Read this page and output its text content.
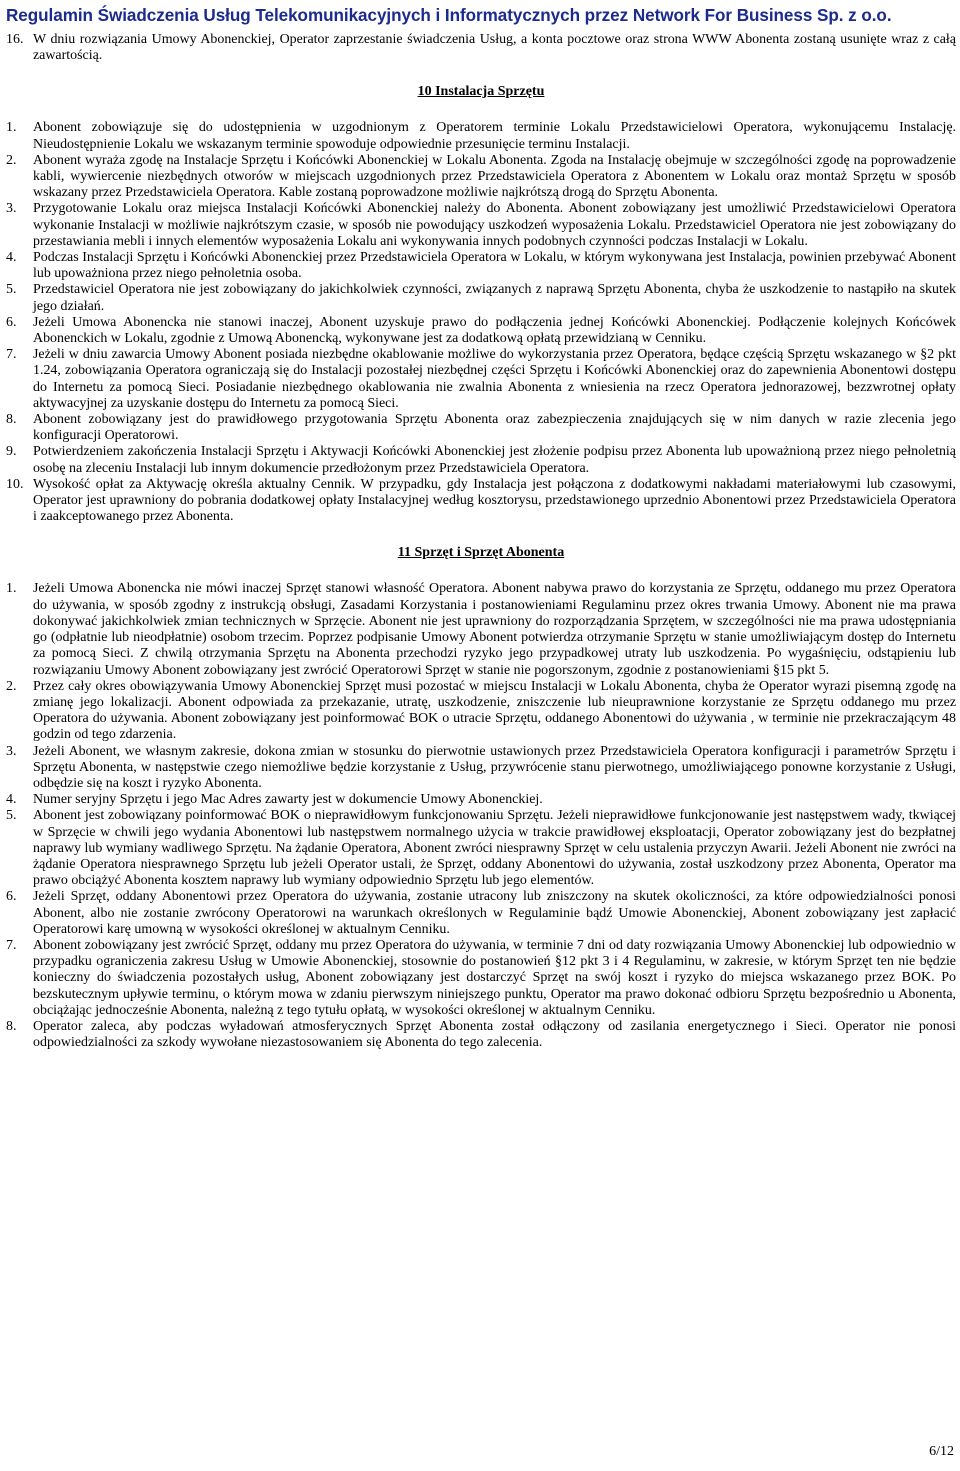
Regulamin Świadczenia Usług Telekomunikacyjnych i Informatycznych przez Network For Business Sp. z o.o.
16. W dniu rozwiązania Umowy Abonenckiej, Operator zaprzestanie świadczenia Usług, a konta pocztowe oraz strona WWW Abonenta zostaną usunięte wraz z całą zawartością.
10 Instalacja Sprzętu
1. Abonent zobowiązuje się do udostępnienia w uzgodnionym z Operatorem terminie Lokalu Przedstawicielowi Operatora, wykonującemu Instalację. Nieudostępnienie Lokalu we wskazanym terminie spowoduje odpowiednie przesunięcie terminu Instalacji.
2. Abonent wyraża zgodę na Instalacje Sprzętu i Końcówki Abonenckiej w Lokalu Abonenta. Zgoda na Instalację obejmuje w szczególności zgodę na poprowadzenie kabli, wywiercenie niezbędnych otworów w miejscach uzgodnionych przez Przedstawiciela Operatora z Abonentem w Lokalu oraz montaż Sprzętu w sposób wskazany przez Przedstawiciela Operatora. Kable zostaną poprowadzone możliwie najkrótszą drogą do Sprzętu Abonenta.
3. Przygotowanie Lokalu oraz miejsca Instalacji Końcówki Abonenckiej należy do Abonenta. Abonent zobowiązany jest umożliwić Przedstawicielowi Operatora wykonanie Instalacji w możliwie najkrótszym czasie, w sposób nie powodujący uszkodzeń wyposażenia Lokalu. Przedstawiciel Operatora nie jest zobowiązany do przestawiania mebli i innych elementów wyposażenia Lokalu ani wykonywania innych podobnych czynności podczas Instalacji w Lokalu.
4. Podczas Instalacji Sprzętu i Końcówki Abonenckiej przez Przedstawiciela Operatora w Lokalu, w którym wykonywana jest Instalacja, powinien przebywać Abonent lub upoważniona przez niego pełnoletnia osoba.
5. Przedstawiciel Operatora nie jest zobowiązany do jakichkolwiek czynności, związanych z naprawą Sprzętu Abonenta, chyba że uszkodzenie to nastąpiło na skutek jego działań.
6. Jeżeli Umowa Abonencka nie stanowi inaczej, Abonent uzyskuje prawo do podłączenia jednej Końcówki Abonenckiej. Podłączenie kolejnych Końcówek Abonenckich w Lokalu, zgodnie z Umową Abonencką, wykonywane jest za dodatkową opłatą przewidzianą w Cenniku.
7. Jeżeli w dniu zawarcia Umowy Abonent posiada niezbędne okablowanie możliwe do wykorzystania przez Operatora, będące częścią Sprzętu wskazanego w §2 pkt 1.24, zobowiązania Operatora ograniczają się do Instalacji pozostałej niezbędnej części Sprzętu i Końcówki Abonenckiej oraz do zapewnienia Abonentowi dostępu do Internetu za pomocą Sieci. Posiadanie niezbędnego okablowania nie zwalnia Abonenta z wniesienia na rzecz Operatora jednorazowej, bezzwrotnej opłaty aktywacyjnej za uzyskanie dostępu do Internetu za pomocą Sieci.
8. Abonent zobowiązany jest do prawidłowego przygotowania Sprzętu Abonenta oraz zabezpieczenia znajdujących się w nim danych w razie zlecenia jego konfiguracji Operatorowi.
9. Potwierdzeniem zakończenia Instalacji Sprzętu i Aktywacji Końcówki Abonenckiej jest złożenie podpisu przez Abonenta lub upoważnioną przez niego pełnoletnią osobę na zleceniu Instalacji lub innym dokumencie przedłożonym przez Przedstawiciela Operatora.
10. Wysokość opłat za Aktywację określa aktualny Cennik. W przypadku, gdy Instalacja jest połączona z dodatkowymi nakładami materiałowymi lub czasowymi, Operator jest uprawniony do pobrania dodatkowej opłaty Instalacyjnej według kosztorysu, przedstawionego uprzednio Abonentowi przez Przedstawiciela Operatora i zaakceptowanego przez Abonenta.
11 Sprzęt i Sprzęt Abonenta
1. Jeżeli Umowa Abonencka nie mówi inaczej Sprzęt stanowi własność Operatora. Abonent nabywa prawo do korzystania ze Sprzętu, oddanego mu przez Operatora do używania, w sposób zgodny z instrukcją obsługi, Zasadami Korzystania i postanowieniami Regulaminu przez okres trwania Umowy. Abonent nie ma prawa dokonywać jakichkolwiek zmian technicznych w Sprzęcie. Abonent nie jest uprawniony do rozporządzania Sprzętem, w szczególności nie ma prawa udostępniania go (odpłatnie lub nieodpłatnie) osobom trzecim. Poprzez podpisanie Umowy Abonent potwierdza otrzymanie Sprzętu w stanie umożliwiającym dostęp do Internetu za pomocą Sieci. Z chwilą otrzymania Sprzętu na Abonenta przechodzi ryzyko jego przypadkowej utraty lub uszkodzenia. Po wygaśnięciu, odstąpieniu lub rozwiązaniu Umowy Abonent zobowiązany jest zwrócić Operatorowi Sprzęt w stanie nie pogorszonym, zgodnie z postanowieniami §15 pkt 5.
2. Przez cały okres obowiązywania Umowy Abonenckiej Sprzęt musi pozostać w miejscu Instalacji w Lokalu Abonenta, chyba że Operator wyrazi pisemną zgodę na zmianę jego lokalizacji. Abonent odpowiada za przekazanie, utratę, uszkodzenie, zniszczenie lub nieuprawnione korzystanie ze Sprzętu oddanego mu przez Operatora do używania. Abonent zobowiązany jest poinformować BOK o utracie Sprzętu, oddanego Abonentowi do używania , w terminie nie przekraczającym 48 godzin od tego zdarzenia.
3. Jeżeli Abonent, we własnym zakresie, dokona zmian w stosunku do pierwotnie ustawionych przez Przedstawiciela Operatora konfiguracji i parametrów Sprzętu i Sprzętu Abonenta, w następstwie czego niemożliwe będzie korzystanie z Usług, przywrócenie stanu pierwotnego, umożliwiającego ponowne korzystanie z Usługi, odbędzie się na koszt i ryzyko Abonenta.
4. Numer seryjny Sprzętu i jego Mac Adres zawarty jest w dokumencie Umowy Abonenckiej.
5. Abonent jest zobowiązany poinformować BOK o nieprawidłowym funkcjonowaniu Sprzętu. Jeżeli nieprawidłowe funkcjonowanie jest następstwem wady, tkwiącej w Sprzęcie w chwili jego wydania Abonentowi lub następstwem normalnego użycia w trakcie prawidłowej eksploatacji, Operator zobowiązany jest do bezpłatnej naprawy lub wymiany wadliwego Sprzętu. Na żądanie Operatora, Abonent zwróci niesprawny Sprzęt w celu ustalenia przyczyn Awarii. Jeżeli Abonent nie zwróci na żądanie Operatora niesprawnego Sprzętu lub jeżeli Operator ustali, że Sprzęt, oddany Abonentowi do używania, został uszkodzony przez Abonenta, Operator ma prawo obciążyć Abonenta kosztem naprawy lub wymiany odpowiednio Sprzętu lub jego elementów.
6. Jeżeli Sprzęt, oddany Abonentowi przez Operatora do używania, zostanie utracony lub zniszczony na skutek okoliczności, za które odpowiedzialności ponosi Abonent, albo nie zostanie zwrócony Operatorowi na warunkach określonych w Regulaminie bądź Umowie Abonenckiej, Abonent zobowiązany jest zapłacić Operatorowi karę umowną w wysokości określonej w aktualnym Cenniku.
7. Abonent zobowiązany jest zwrócić Sprzęt, oddany mu przez Operatora do używania, w terminie 7 dni od daty rozwiązania Umowy Abonenckiej lub odpowiednio w przypadku ograniczenia zakresu Usług w Umowie Abonenckiej, stosownie do postanowień §12 pkt 3 i 4 Regulaminu, w zakresie, w którym Sprzęt ten nie będzie konieczny do świadczenia pozostałych usług, Abonent zobowiązany jest dostarczyć Sprzęt na swój koszt i ryzyko do miejsca wskazanego przez BOK. Po bezskutecznym upływie terminu, o którym mowa w zdaniu pierwszym niniejszego punktu, Operator ma prawo dokonać odbioru Sprzętu bezpośrednio u Abonenta, obciążając jednocześnie Abonenta, należną z tego tytułu opłatą, w wysokości określonej w aktualnym Cenniku.
8. Operator zaleca, aby podczas wyładowań atmosferycznych Sprzęt Abonenta został odłączony od zasilania energetycznego i Sieci. Operator nie ponosi odpowiedzialności za szkody wywołane niezastosowaniem się Abonenta do tego zalecenia.
6/12
